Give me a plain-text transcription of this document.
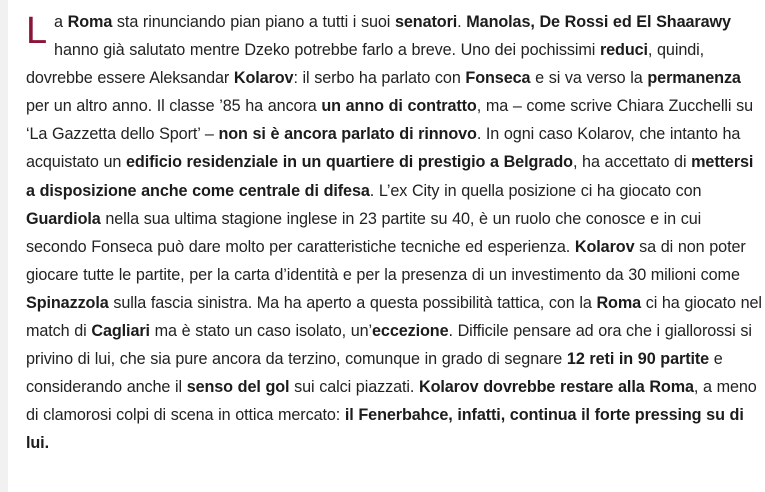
La Roma sta rinunciando pian piano a tutti i suoi senatori. Manolas, De Rossi ed El Shaarawy hanno già salutato mentre Dzeko potrebbe farlo a breve. Uno dei pochissimi reduci, quindi, dovrebbe essere Aleksandar Kolarov: il serbo ha parlato con Fonseca e si va verso la permanenza per un altro anno. Il classe ’85 ha ancora un anno di contratto, ma – come scrive Chiara Zucchelli su ‘La Gazzetta dello Sport’ – non si è ancora parlato di rinnovo. In ogni caso Kolarov, che intanto ha acquistato un edificio residenziale in un quartiere di prestigio a Belgrado, ha accettato di mettersi a disposizione anche come centrale di difesa. L’ex City in quella posizione ci ha giocato con Guardiola nella sua ultima stagione inglese in 23 partite su 40, è un ruolo che conosce e in cui secondo Fonseca può dare molto per caratteristiche tecniche ed esperienza. Kolarov sa di non poter giocare tutte le partite, per la carta d’identità e per la presenza di un investimento da 30 milioni come Spinazzola sulla fascia sinistra. Ma ha aperto a questa possibilità tattica, con la Roma ci ha giocato nel match di Cagliari ma è stato un caso isolato, un’eccezione. Difficile pensare ad ora che i giallorossi si privino di lui, che sia pure ancora da terzino, comunque in grado di segnare 12 reti in 90 partite e considerando anche il senso del gol sui calci piazzati. Kolarov dovrebbe restare alla Roma, a meno di clamorosi colpi di scena in ottica mercato: il Fenerbahce, infatti, continua il forte pressing su di lui.
